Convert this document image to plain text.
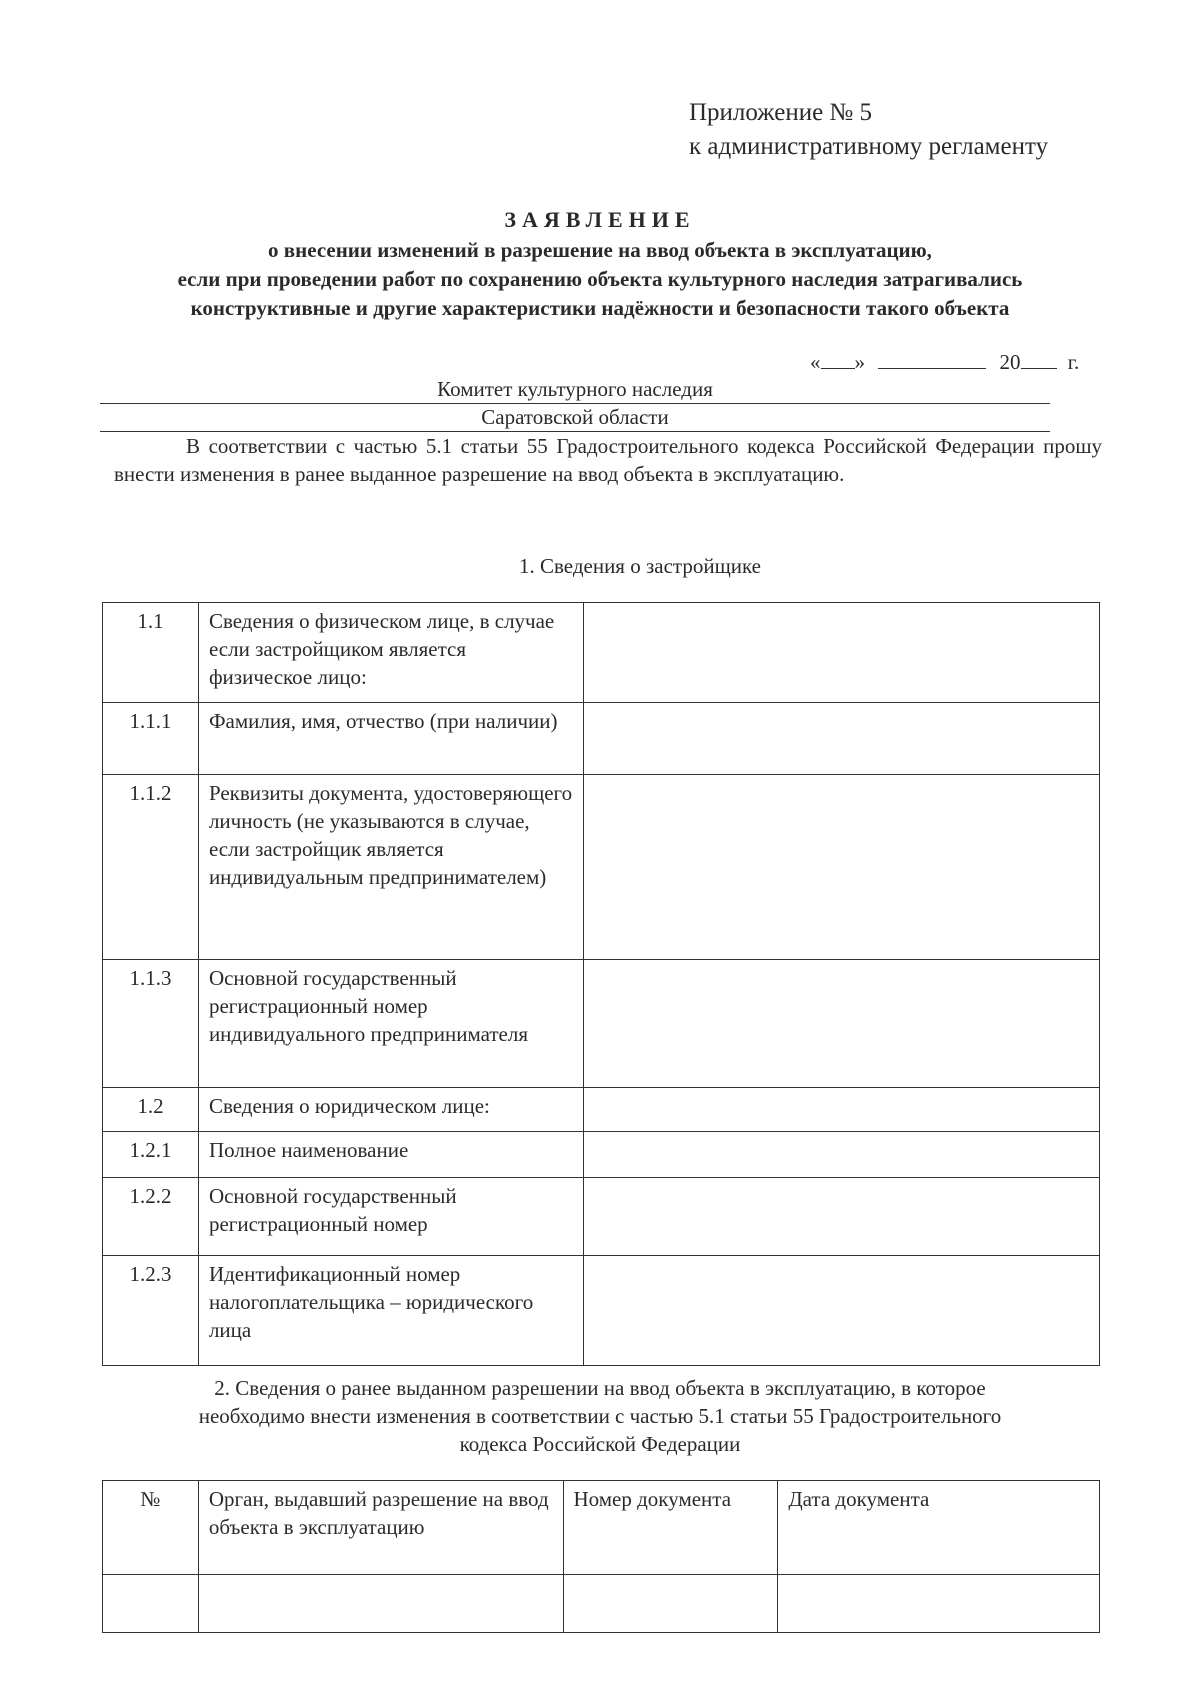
Приложение № 5
к административному регламенту
ЗАЯВЛЕНИЕ
о внесении изменений в разрешение на ввод объекта в эксплуатацию,
если при проведении работ по сохранению объекта культурного наследия затрагивались
конструктивные и другие характеристики надёжности и безопасности такого объекта
« »	20 г.
Комитет культурного наследия
Саратовской области
В соответствии с частью 5.1 статьи 55 Градостроительного кодекса Российской Федерации прошу внести изменения в ранее выданное разрешение на ввод объекта в эксплуатацию.
1. Сведения о застройщике
1.1	Сведения о физическом лице, в случае если застройщиком является физическое лицо:	
1.1.1	Фамилия, имя, отчество (при наличии)	
1.1.2	Реквизиты документа, удостоверяющего личность (не указываются в случае, если застройщик является индивидуальным предпринимателем)	
1.1.3	Основной государственный регистрационный номер индивидуального предпринимателя	
1.2	Сведения о юридическом лице:	
1.2.1	Полное наименование	
1.2.2	Основной государственный регистрационный номер	
1.2.3	Идентификационный номер налогоплательщика – юридического лица	
2. Сведения о ранее выданном разрешении на ввод объекта в эксплуатацию, в которое
необходимо внести изменения в соответствии с частью 5.1 статьи 55 Градостроительного
кодекса Российской Федерации
№	Орган, выдавший разрешение на ввод объекта в эксплуатацию	Номер документа	Дата документа
